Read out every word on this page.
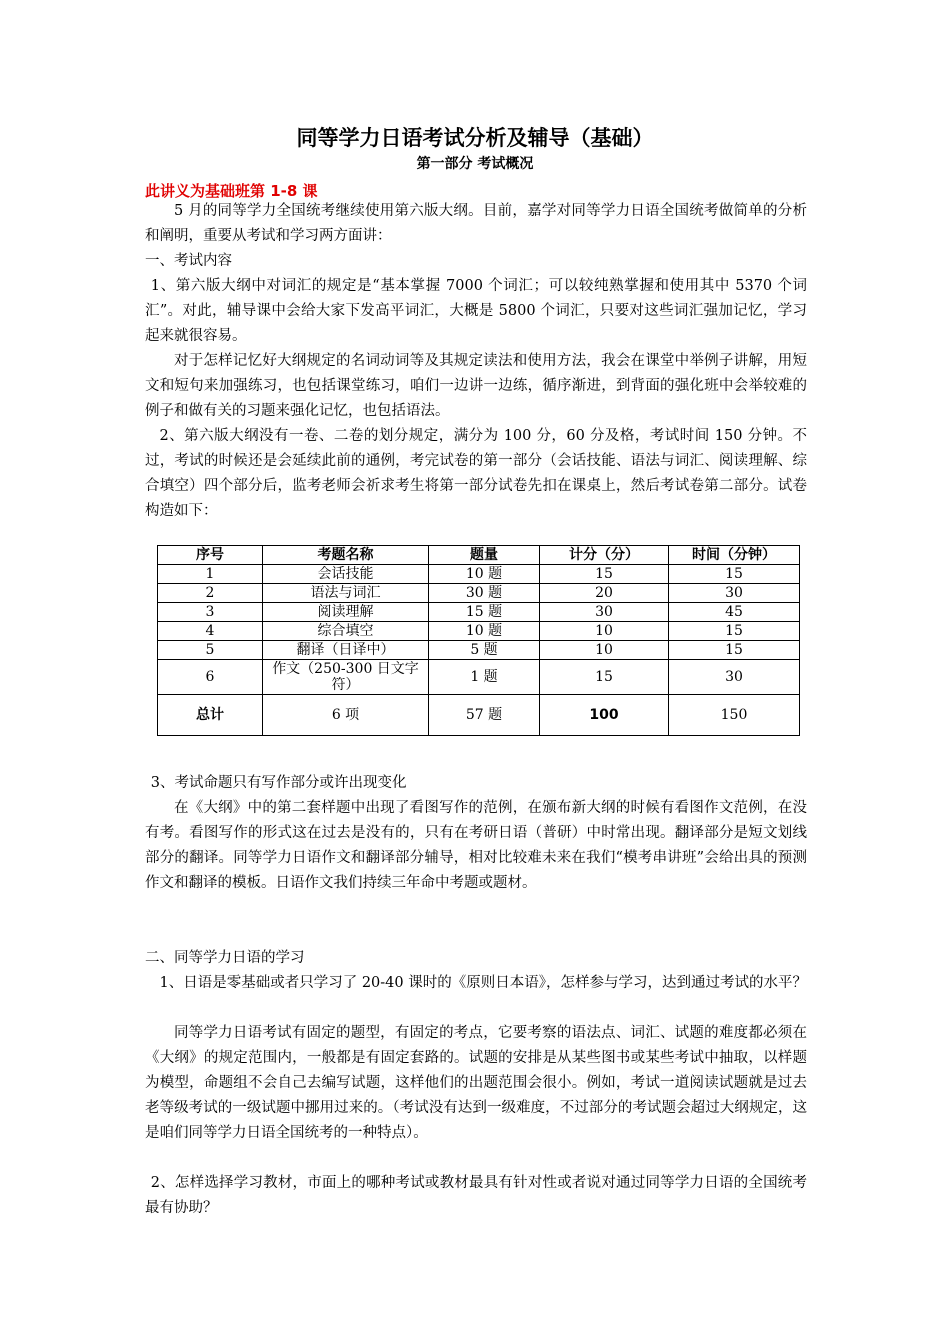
同等学力日语考试分析及辅导（基础）
第一部分 考试概况
此讲义为基础班第 1-8 课

5 月的同等学力全国统考继续使用第六版大纲。目前，嘉学对同等学力日语全国统考做简单的分析和阐明，重要从考试和学习两方面讲：

一、考试内容

1、第六版大纲中对词汇的规定是“基本掌握 7000 个词汇；可以较纯熟掌握和使用其中 5370 个词汇”。对此，辅导课中会给大家下发高平词汇，大概是 5800 个词汇，只要对这些词汇强加记忆，学习起来就很容易。

对于怎样记忆好大纲规定的名词动词等及其规定读法和使用方法，我会在课堂中举例子讲解，用短文和短句来加强练习，也包括课堂练习，咱们一边讲一边练，循序渐进，到背面的强化班中会举较难的例子和做有关的习题来强化记忆，也包括语法。

2、第六版大纲没有一卷、二卷的划分规定，满分为 100 分，60 分及格，考试时间 150 分钟。不过，考试的时候还是会延续此前的通例，考完试卷的第一部分（会话技能、语法与词汇、阅读理解、综合填空）四个部分后，监考老师会祈求考生将第一部分试卷先扣在课桌上，然后考试卷第二部分。试卷构造如下：

序号	考题名称	题量	计分（分）	时间（分钟）
1	会话技能	10 题	15	15
2	语法与词汇	30 题	20	30
3	阅读理解	15 题	30	45
4	综合填空	10 题	10	15
5	翻译（日译中）	5 题	10	15
6	作文（250-300 日文字符）	1 题	15	30
总计	6 项	57 题	100	150

3、考试命题只有写作部分或许出现变化

在《大纲》中的第二套样题中出现了看图写作的范例，在颁布新大纲的时候有看图作文范例，在没有考。看图写作的形式这在过去是没有的，只有在考研日语（普研）中时常出现。翻译部分是短文划线部分的翻译。同等学力日语作文和翻译部分辅导，相对比较难未来在我们“模考串讲班”会给出具的预测作文和翻译的模板。日语作文我们持续三年命中考题或题材。

二、同等学力日语的学习

1、日语是零基础或者只学习了 20-40 课时的《原则日本语》，怎样参与学习，达到通过考试的水平？

同等学力日语考试有固定的题型，有固定的考点，它要考察的语法点、词汇、试题的难度都必须在《大纲》的规定范围内，一般都是有固定套路的。试题的安排是从某些图书或某些考试中抽取，以样题为模型，命题组不会自己去编写试题，这样他们的出题范围会很小。例如，考试一道阅读试题就是过去老等级考试的一级试题中挪用过来的。（考试没有达到一级难度，不过部分的考试题会超过大纲规定，这是咱们同等学力日语全国统考的一种特点）。

2、怎样选择学习教材，市面上的哪种考试或教材最具有针对性或者说对通过同等学力日语的全国统考最有协助？
